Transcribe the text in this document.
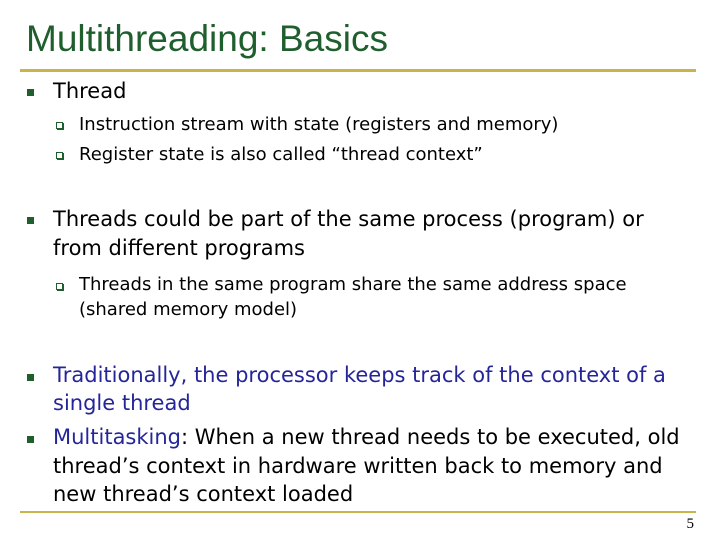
Multithreading: Basics
Thread
Instruction stream with state (registers and memory)
Register state is also called “thread context”
Threads could be part of the same process (program) or
from different programs
Threads in the same program share the same address space
(shared memory model)
Traditionally, the processor keeps track of the context of a
single thread
Multitasking: When a new thread needs to be executed, old
thread’s context in hardware written back to memory and
new thread’s context loaded
5
